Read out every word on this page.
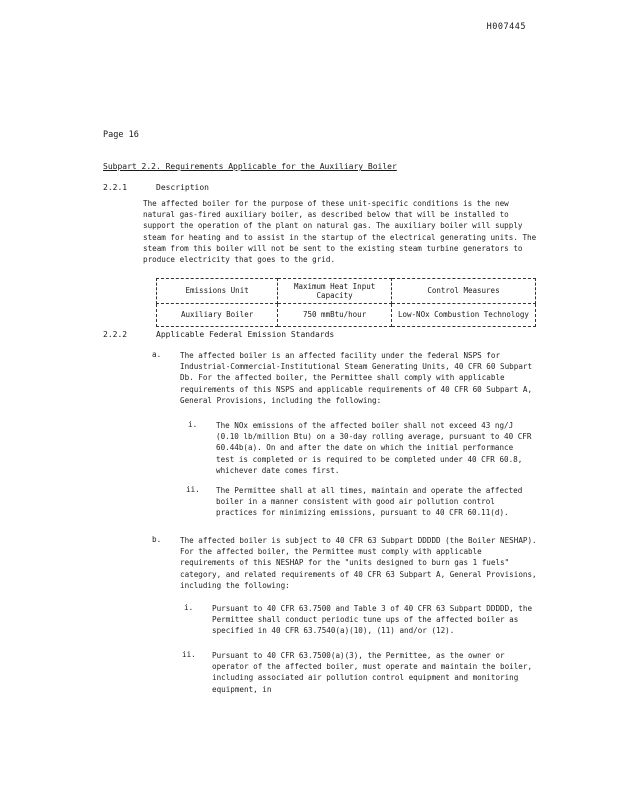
H007445
Page 16
Subpart 2.2. Requirements Applicable for the Auxiliary Boiler
2.2.1	Description
The affected boiler for the purpose of these unit-specific conditions is the new natural gas-fired auxiliary boiler, as described below that will be installed to support the operation of the plant on natural gas. The auxiliary boiler will supply steam for heating and to assist in the startup of the electrical generating units. The steam from this boiler will not be sent to the existing steam turbine generators to produce electricity that goes to the grid.
Emissions Unit	Maximum Heat Input Capacity	Control Measures
Auxiliary Boiler	750 mmBtu/hour	Low-NOx Combustion Technology
2.2.2	Applicable Federal Emission Standards
a. The affected boiler is an affected facility under the federal NSPS for Industrial-Commercial-Institutional Steam Generating Units, 40 CFR 60 Subpart Db. For the affected boiler, the Permittee shall comply with applicable requirements of this NSPS and applicable requirements of 40 CFR 60 Subpart A, General Provisions, including the following:
i. The NOx emissions of the affected boiler shall not exceed 43 ng/J (0.10 lb/million Btu) on a 30-day rolling average, pursuant to 40 CFR 60.44b(a). On and after the date on which the initial performance test is completed or is required to be completed under 40 CFR 60.8, whichever date comes first.
ii. The Permittee shall at all times, maintain and operate the affected boiler in a manner consistent with good air pollution control practices for minimizing emissions, pursuant to 40 CFR 60.11(d).
b. The affected boiler is subject to 40 CFR 63 Subpart DDDDD (the Boiler NESHAP). For the affected boiler, the Permittee must comply with applicable requirements of this NESHAP for the "units designed to burn gas 1 fuels" category, and related requirements of 40 CFR 63 Subpart A, General Provisions, including the following:
i. Pursuant to 40 CFR 63.7500 and Table 3 of 40 CFR 63 Subpart DDDDD, the Permittee shall conduct periodic tune ups of the affected boiler as specified in 40 CFR 63.7540(a)(10), (11) and/or (12).
ii. Pursuant to 40 CFR 63.7500(a)(3), the Permittee, as the owner or operator of the affected boiler, must operate and maintain the boiler, including associated air pollution control equipment and monitoring equipment, in
